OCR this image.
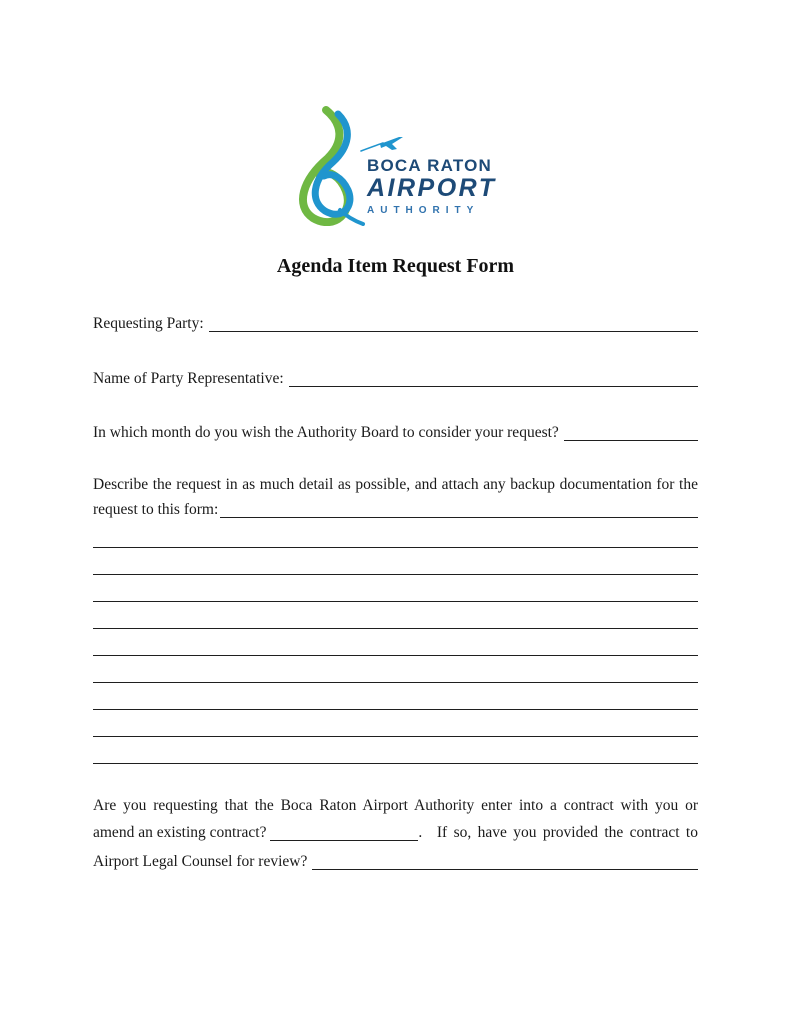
BOCA RATON
AIRPORT
AUTHORITY
Agenda Item Request Form
Requesting Party:
Name of Party Representative:
In which month do you wish the Authority Board to consider your request?
Describe the request in as much detail as possible, and attach any backup documentation for the
request to this form:
Are you requesting that the Boca Raton Airport Authority enter into a contract with you or
amend an existing contract?
	. If so, have you provided the contract to
Airport Legal Counsel for review?
